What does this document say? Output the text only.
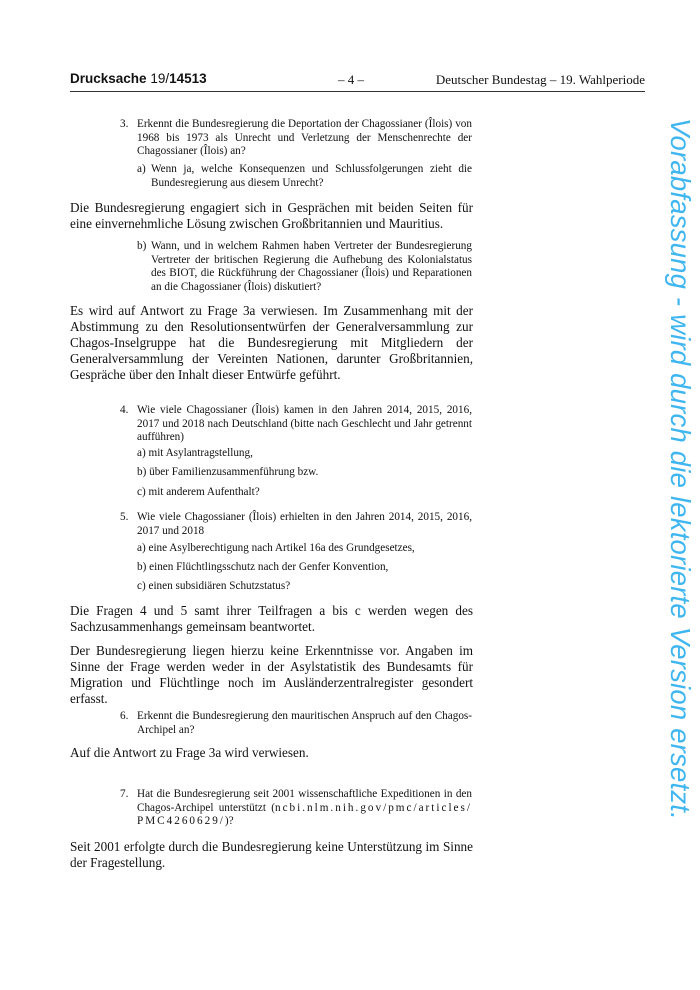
Drucksache 19/14513	– 4 –	Deutscher Bundestag – 19. Wahlperiode
Vorabfassung - wird durch die lektorierte Version ersetzt.
3. Erkennt die Bundesregierung die Deportation der Chagossianer (Îlois) von 1968 bis 1973 als Unrecht und Verletzung der Menschenrechte der Chagossianer (Îlois) an?
a) Wenn ja, welche Konsequenzen und Schlussfolgerungen zieht die Bundesregierung aus diesem Unrecht?
Die Bundesregierung engagiert sich in Gesprächen mit beiden Seiten für eine einvernehmliche Lösung zwischen Großbritannien und Mauritius.
b) Wann, und in welchem Rahmen haben Vertreter der Bundesregierung Vertreter der britischen Regierung die Aufhebung des Kolonialstatus des BIOT, die Rückführung der Chagossianer (Îlois) und Reparationen an die Chagossianer (Îlois) diskutiert?
Es wird auf Antwort zu Frage 3a verwiesen. Im Zusammenhang mit der Abstimmung zu den Resolutionsentwürfen der Generalversammlung zur Chagos-Inselgruppe hat die Bundesregierung mit Mitgliedern der Generalversammlung der Vereinten Nationen, darunter Großbritannien, Gespräche über den Inhalt dieser Entwürfe geführt.
4. Wie viele Chagossianer (Îlois) kamen in den Jahren 2014, 2015, 2016, 2017 und 2018 nach Deutschland (bitte nach Geschlecht und Jahr getrennt aufführen)
a) mit Asylantragstellung,
b) über Familienzusammenführung bzw.
c) mit anderem Aufenthalt?
5. Wie viele Chagossianer (Îlois) erhielten in den Jahren 2014, 2015, 2016, 2017 und 2018
a) eine Asylberechtigung nach Artikel 16a des Grundgesetzes,
b) einen Flüchtlingsschutz nach der Genfer Konvention,
c) einen subsidiären Schutzstatus?
Die Fragen 4 und 5 samt ihrer Teilfragen a bis c werden wegen des Sachzusammenhangs gemeinsam beantwortet.
Der Bundesregierung liegen hierzu keine Erkenntnisse vor. Angaben im Sinne der Frage werden weder in der Asylstatistik des Bundesamts für Migration und Flüchtlinge noch im Ausländerzentralregister gesondert erfasst.
6. Erkennt die Bundesregierung den mauritischen Anspruch auf den Chagos-Archipel an?
Auf die Antwort zu Frage 3a wird verwiesen.
7. Hat die Bundesregierung seit 2001 wissenschaftliche Expeditionen in den Chagos-Archipel unterstützt (ncbi.nlm.nih.gov/pmc/articles/ PMC4260629/)?
Seit 2001 erfolgte durch die Bundesregierung keine Unterstützung im Sinne der Fragestellung.
